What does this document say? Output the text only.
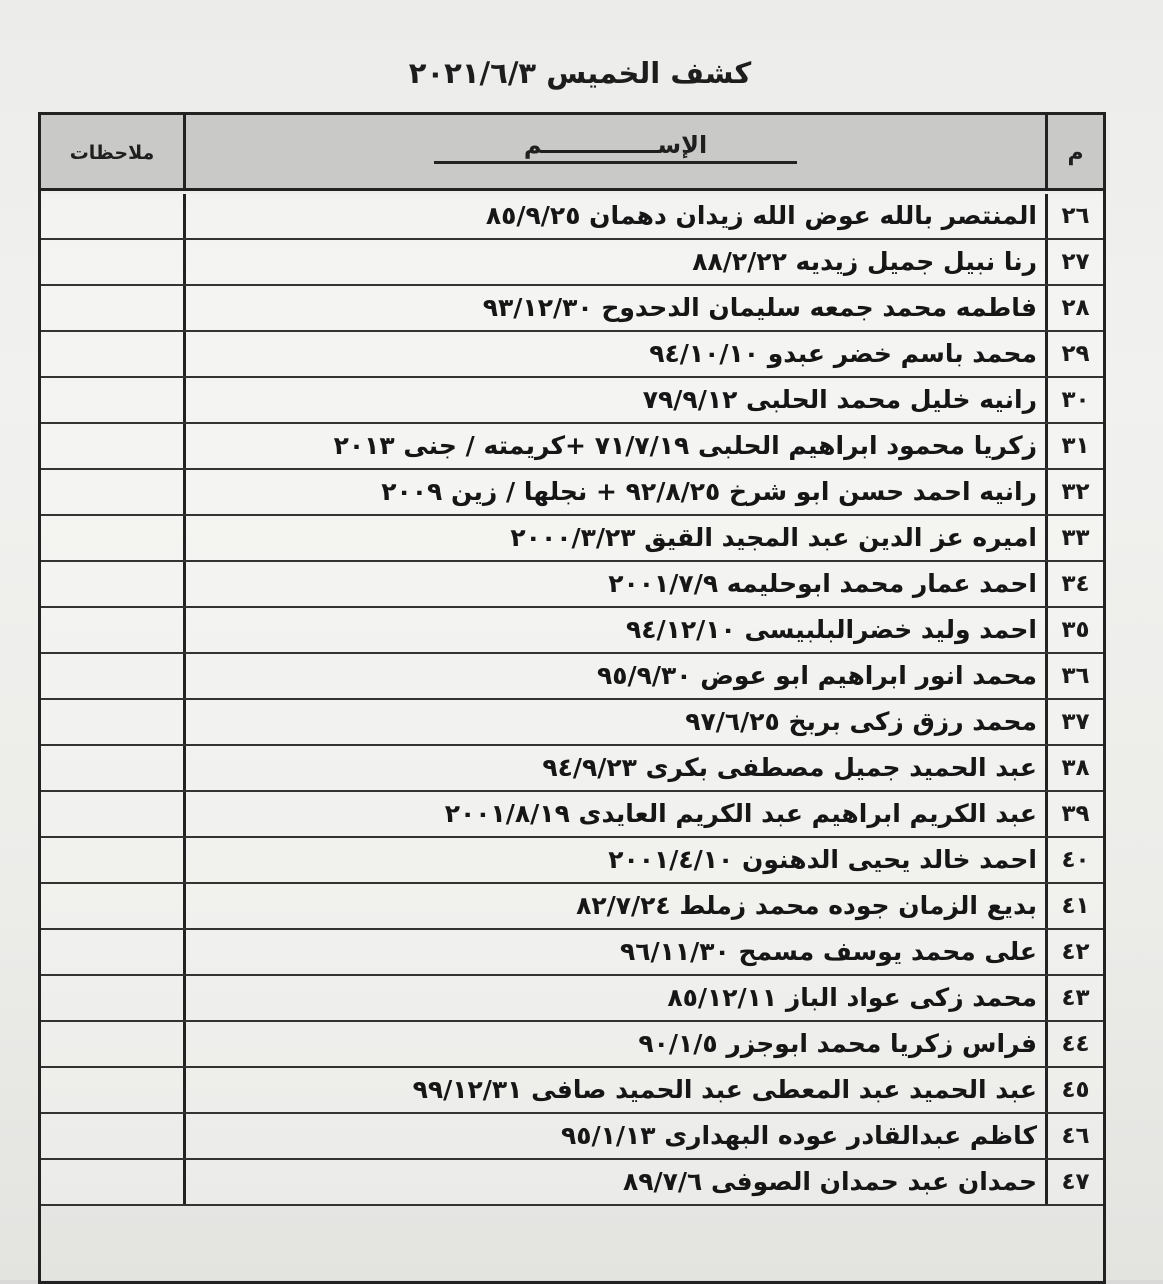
كشف الخميس ٢٠٢١/٦/٣
م
الإســــــــــــــم
ملاحظات
٢٦
المنتصر بالله عوض الله زيدان دهمان ٨٥/٩/٢٥
٢٧
رنا نبيل جميل زيديه ٨٨/٢/٢٢
٢٨
فاطمه محمد جمعه سليمان الدحدوح ٩٣/١٢/٣٠
٢٩
محمد باسم خضر عبدو ٩٤/١٠/١٠
٣٠
رانيه خليل محمد الحلبى ٧٩/٩/١٢
٣١
زكريا محمود ابراهيم الحلبى ٧١/٧/١٩ +كريمته / جنى ٢٠١٣
٣٢
رانيه احمد حسن ابو شرخ ٩٢/٨/٢٥ + نجلها / زين ٢٠٠٩
٣٣
اميره عز الدين عبد المجيد القيق ٢٠٠٠/٣/٢٣
٣٤
احمد عمار محمد ابوحليمه ٢٠٠١/٧/٩
٣٥
احمد وليد خضرالبلبيسى ٩٤/١٢/١٠
٣٦
محمد انور ابراهيم ابو عوض ٩٥/٩/٣٠
٣٧
محمد رزق زكى بربخ ٩٧/٦/٢٥
٣٨
عبد الحميد جميل مصطفى بكرى ٩٤/٩/٢٣
٣٩
عبد الكريم ابراهيم عبد الكريم العايدى ٢٠٠١/٨/١٩
٤٠
احمد خالد يحيى الدهنون ٢٠٠١/٤/١٠
٤١
بديع الزمان جوده محمد زملط ٨٢/٧/٢٤
٤٢
على محمد يوسف مسمح ٩٦/١١/٣٠
٤٣
محمد زكى عواد الباز ٨٥/١٢/١١
٤٤
فراس زكريا محمد ابوجزر ٩٠/١/٥
٤٥
عبد الحميد عبد المعطى عبد الحميد صافى ٩٩/١٢/٣١
٤٦
كاظم عبدالقادر عوده البهدارى ٩٥/١/١٣
٤٧
حمدان عبد حمدان الصوفى ٨٩/٧/٦
